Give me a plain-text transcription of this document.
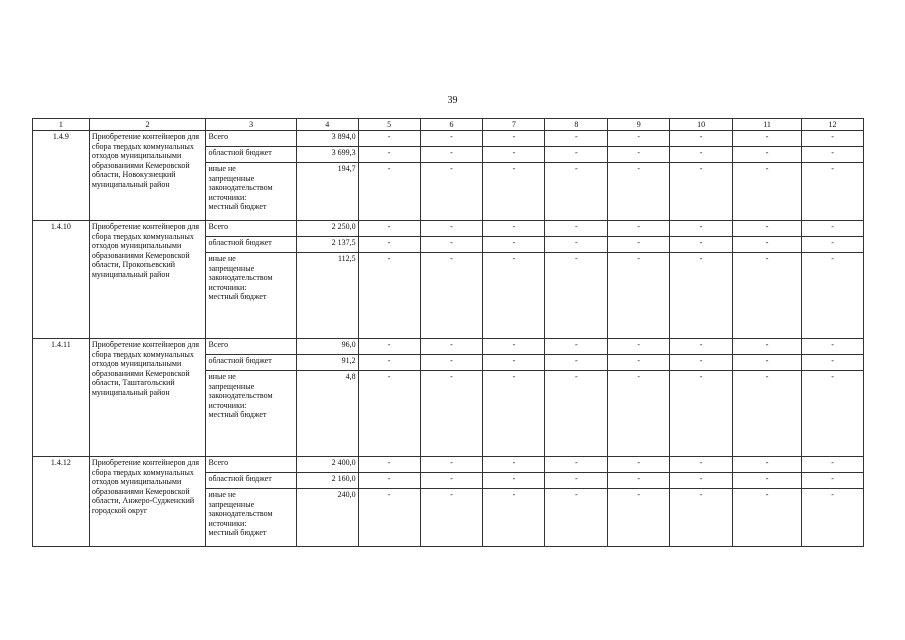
39
1	2	3	4	5	6	7	8	9	10	11	12
1.4.9	Приобретение контейнеров для сбора твердых коммунальных отходов муниципальными образованиями Кемеровской области, Новокузнецкий муниципальный район	Всего	3 894,0	-	-	-	-	-	-	-	-
		областной бюджет	3 699,3	-	-	-	-	-	-	-	-

		иные не
запрещенные
законодательством
источники:
местный бюджет	194,7	-	-	-	-	-	-	-	-
1.4.10	Приобретение контейнеров для сбора твердых коммунальных отходов муниципальными образованиями Кемеровской области, Прокопьевский муниципальный район	Всего	2 250,0	-	-	-	-	-	-	-	-
		областной бюджет	2 137,5	-	-	-	-	-	-	-	-

		иные не
запрещенные
законодательством
источники:
местный бюджет	112,5	-	-	-	-	-	-	-	-
1.4.11	Приобретение контейнеров для сбора твердых коммунальных отходов муниципальными образованиями Кемеровской области, Таштагольский муниципальный район	Всего	96,0	-	-	-	-	-	-	-	-
		областной бюджет	91,2	-	-	-	-	-	-	-	-

		иные не
запрещенные
законодательством
источники:
местный бюджет	4,8	-	-	-	-	-	-	-	-
1.4.12	Приобретение контейнеров для сбора твердых коммунальных отходов муниципальными образованиями Кемеровской области, Анжеро-Судженский городской округ	Всего	2 400,0	-	-	-	-	-	-	-	-
		областной бюджет	2 160,0	-	-	-	-	-	-	-	-

		иные не
запрещенные
законодательством
источники:
местный бюджет	240,0	-	-	-	-	-	-	-	-
